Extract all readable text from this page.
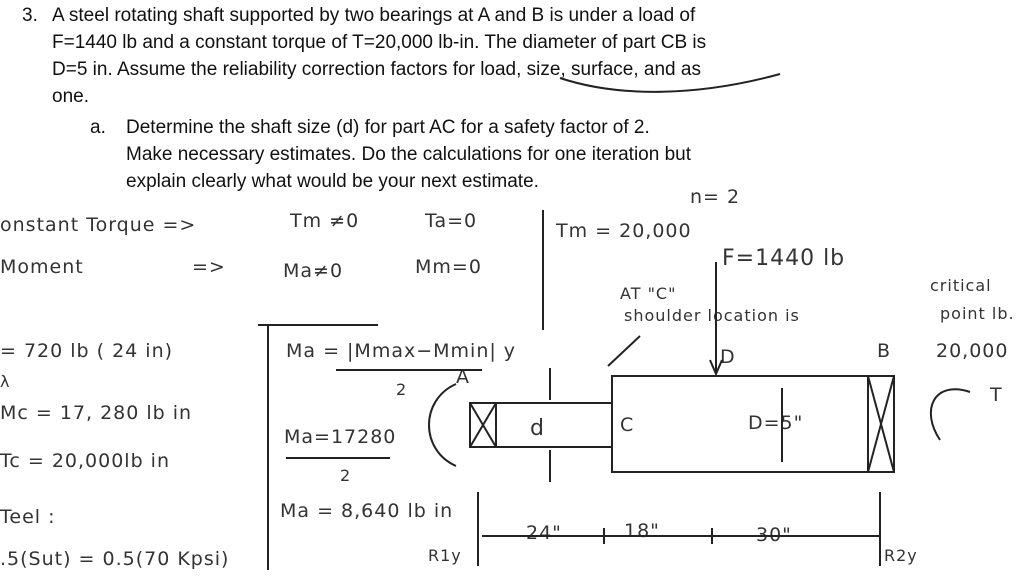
3. A steel rotating shaft supported by two bearings at A and B is under a load of
F=1440 lb and a constant torque of T=20,000 lb-in. The diameter of part CB is
D=5 in. Assume the reliability correction factors for load, size, surface, and as
one.
a. Determine the shaft size (d) for part AC for a safety factor of 2.
Make necessary estimates. Do the calculations for one iteration but
explain clearly what would be your next estimate.
n= 2
onstant Torque =>	Tm ≠0	Ta=0	Tm = 20,000
Moment	=>	Ma≠0	Mm=0	F=1440 lb
AT "C"
shoulder location is
critical
point lb.
20,000
T
= 720 lb ( 24 in)
λ
Mc = 17, 280 lb in
Tc = 20,000lb in
Teel :
.5(Sut) = 0.5(70 Kpsi)
Ma = |Mmax−Mmin| y
2
Ma=17280
2
Ma = 8,640 lb in
R1y	R2y
A
B
C
D
d	D=5"
24"	18"	30"
